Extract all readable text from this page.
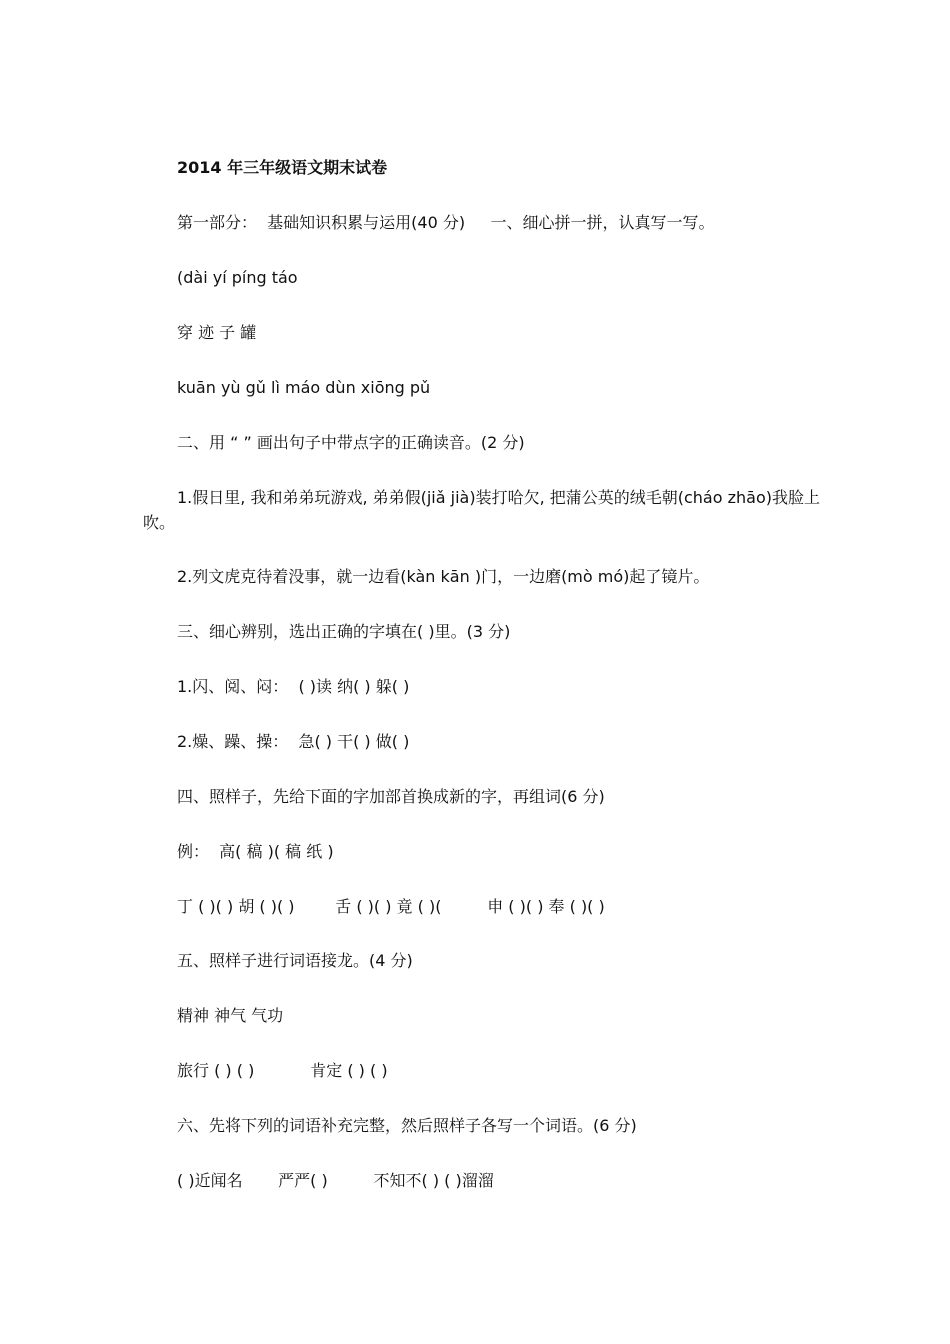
2014 年三年级语文期末试卷
第一部分：  基础知识积累与运用(40 分)     一、细心拼一拼，认真写一写。
(dài yí píng táo
穿 迹 子 罐
kuān yù gǔ lì máo dùn xiōng pǔ
二、用 “ ” 画出句子中带点字的正确读音。(2 分)
1.假日里, 我和弟弟玩游戏, 弟弟假(jiǎ jià)装打哈欠, 把蒲公英的绒毛朝(cháo zhāo)我脸上吹。
2.列文虎克待着没事，就一边看(kàn kān )门，一边磨(mò mó)起了镜片。
三、细心辨别，选出正确的字填在( )里。(3 分)
1.闪、阅、闷：  ( )读 纳( ) 躲( )
2.燥、躁、操：  急( ) 干( ) 做( )
四、照样子，先给下面的字加部首换成新的字，再组词(6 分)
例：  高( 稿 )( 稿 纸 )
丁 ( )( ) 胡 ( )( )        舌 ( )( ) 竟 ( )(         申 ( )( ) 奉 ( )( )
五、照样子进行词语接龙。(4 分)
精神 神气 气功
旅行 ( ) ( )           肯定 ( ) ( )
六、先将下列的词语补充完整，然后照样子各写一个词语。(6 分)
( )近闻名       严严( )         不知不( ) ( )溜溜
